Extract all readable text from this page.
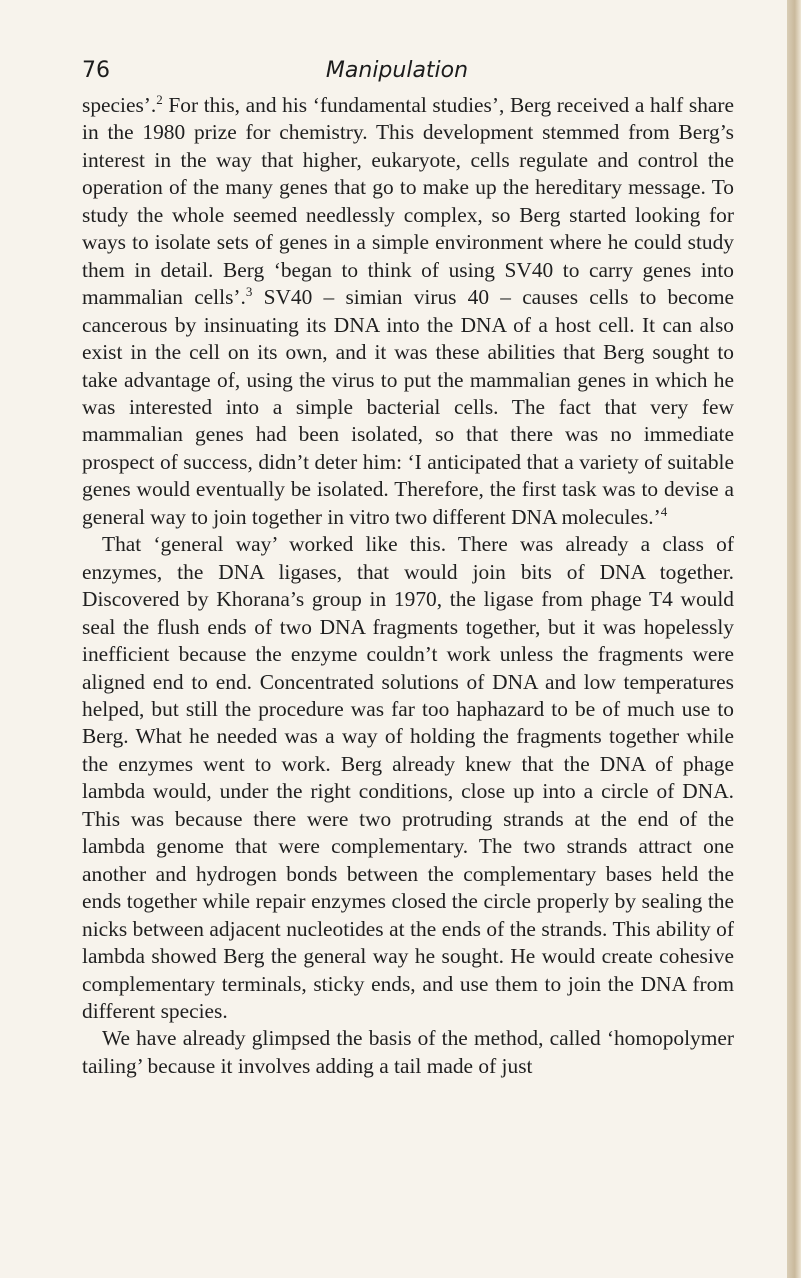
76	Manipulation

species’.$^2$ For this, and his ‘fundamental studies’, Berg received a half share in the 1980 prize for chemistry. This development stemmed from Berg’s interest in the way that higher, eukaryote, cells regulate and control the operation of the many genes that go to make up the hereditary message. To study the whole seemed needlessly complex, so Berg started looking for ways to isolate sets of genes in a simple environment where he could study them in detail. Berg ‘began to think of using SV40 to carry genes into mammalian cells’.$^3$ SV40 – simian virus 40 – causes cells to become cancerous by insinuating its DNA into the DNA of a host cell. It can also exist in the cell on its own, and it was these abilities that Berg sought to take advantage of, using the virus to put the mammalian genes in which he was interested into a simple bacterial cells. The fact that very few mammalian genes had been isolated, so that there was no immediate prospect of success, didn’t deter him: ‘I anticipated that a variety of suitable genes would eventually be isolated. Therefore, the first task was to devise a general way to join together in vitro two different DNA molecules.’$^4$

That ‘general way’ worked like this. There was already a class of enzymes, the DNA ligases, that would join bits of DNA together. Discovered by Khorana’s group in 1970, the ligase from phage T4 would seal the flush ends of two DNA fragments together, but it was hopelessly inefficient because the enzyme couldn’t work unless the fragments were aligned end to end. Concentrated solutions of DNA and low temperatures helped, but still the procedure was far too haphazard to be of much use to Berg. What he needed was a way of holding the fragments together while the enzymes went to work. Berg already knew that the DNA of phage lambda would, under the right conditions, close up into a circle of DNA. This was because there were two protruding strands at the end of the lambda genome that were complementary. The two strands attract one another and hydrogen bonds between the complementary bases held the ends together while repair enzymes closed the circle properly by sealing the nicks between adjacent nucleotides at the ends of the strands. This ability of lambda showed Berg the general way he sought. He would create cohesive complementary terminals, sticky ends, and use them to join the DNA from different species.

We have already glimpsed the basis of the method, called ‘homopolymer tailing’ because it involves adding a tail made of just
